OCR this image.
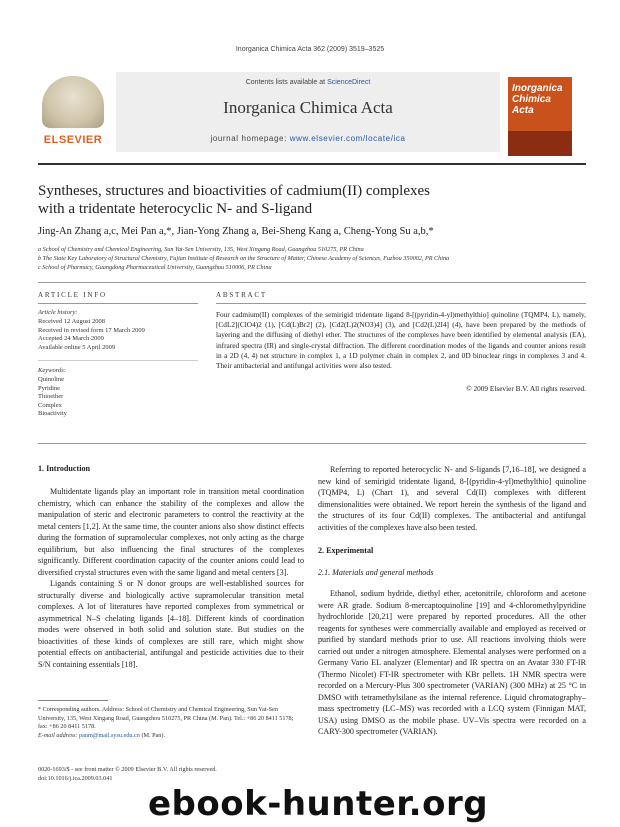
Inorganica Chimica Acta 362 (2009) 3519–3525
ELSEVIER
Contents lists available at ScienceDirect
Inorganica Chimica Acta
journal homepage: www.elsevier.com/locate/ica
Inorganica Chimica Acta
Syntheses, structures and bioactivities of cadmium(II) complexes
with a tridentate heterocyclic N- and S-ligand
Jing-An Zhang a,c, Mei Pan a,*, Jian-Yong Zhang a, Bei-Sheng Kang a, Cheng-Yong Su a,b,*
a School of Chemistry and Chemical Engineering, Sun Yat-Sen University, 135, West Xingang Road, Guangzhou 510275, PR China
b The State Key Laboratory of Structural Chemistry, Fujian Institute of Research on the Structure of Matter, Chinese Academy of Sciences, Fuzhou 350002, PR China
c School of Pharmacy, Guangdong Pharmaceutical University, Guangzhou 510006, PR China
ARTICLE INFO
Article history:
Received 12 August 2008
Received in revised form 17 March 2009
Accepted 24 March 2009
Available online 5 April 2009
Keywords:
Quinoline
Pyridine
Thioether
Complex
Bioactivity
ABSTRACT
Four cadmium(II) complexes of the semirigid tridentate ligand 8-[(pyridin-4-yl)methylthio] quinoline (TQMP4, L), namely, [CdL2](ClO4)2 (1), [Cd(L)Br2] (2), [Cd2(L)2(NO3)4] (3), and [Cd2(L)2I4] (4), have been prepared by the methods of layering and the diffusing of diethyl ether. The structures of the complexes have been identified by elemental analysis (EA), infrared spectra (IR) and single-crystal diffraction. The different coordination modes of the ligands and counter anions result in a 2D (4, 4) net structure in complex 1, a 1D polymer chain in complex 2, and 0D binuclear rings in complexes 3 and 4. Their antibacterial and antifungal activities were also tested.
© 2009 Elsevier B.V. All rights reserved.
1. Introduction

Multidentate ligands play an important role in transition metal coordination chemistry, which can enhance the stability of the complexes and allow the manipulation of steric and electronic parameters to control the reactivity at the metal centers [1,2]. At the same time, the counter anions also show distinct effects during the formation of supramolecular complexes, not only acting as the charge equilibrium, but also influencing the final structures of the complexes significantly. Different coordination capacity of the counter anions could lead to diversified crystal structures even with the same ligand and metal centers [3].

Ligands containing S or N donor groups are well-established sources for structurally diverse and biologically active supramolecular transition metal complexes. A lot of literatures have reported complexes from symmetrical or asymmetrical N–S chelating ligands [4–18]. Different kinds of coordination modes were observed in both solid and solution state. But studies on the bioactivities of these kinds of complexes are still rare, which might show potential effects on antibacterial, antifungal and pesticide activities due to their S/N containing essentials [18].

* Corresponding authors. Address: School of Chemistry and Chemical Engineering, Sun Yat-Sen University, 135, West Xingang Road, Guangzhou 510275, PR China (M. Pan). Tel.: +86 20 8411 5178; fax: +86 20 8411 5178.
E-mail address: panm@mail.sysu.edu.cn (M. Pan).
0020-1693/$ - see front matter © 2009 Elsevier B.V. All rights reserved.
doi:10.1016/j.ica.2009.03.041

Referring to reported heterocyclic N- and S-ligands [7,16–18], we designed a new kind of semirigid tridentate ligand, 8-[(pyridin-4-yl)methylthio] quinoline (TQMP4, L) (Chart 1), and several Cd(II) complexes with different dimensionalities were obtained. We report herein the synthesis of the ligand and the structures of its four Cd(II) complexes. The antibacterial and antifungal activities of the complexes have also been tested.

2. Experimental
2.1. Materials and general methods

Ethanol, sodium hydride, diethyl ether, acetonitrile, chloroform and acetone were AR grade. Sodium 8-mercaptoquinoline [19] and 4-chloromethylpyridine hydrochloride [20,21] were prepared by reported procedures. All the other reagents for syntheses were commercially available and employed as received or purified by standard methods prior to use. All reactions involving thiols were carried out under a nitrogen atmosphere. Elemental analyses were performed on a Germany Vario EL analyzer (Elementar) and IR spectra on an Avatar 330 FT-IR (Thermo Nicolet) FT-IR spectrometer with KBr pellets. 1H NMR spectra were recorded on a Mercury-Plus 300 spectrometer (VARIAN) (300 MHz) at 25 °C in DMSO with tetramethylsilane as the internal reference. Liquid chromatography–mass spectrometry (LC–MS) was recorded with a LCQ system (Finnigan MAT, USA) using DMSO as the mobile phase. UV–Vis spectra were recorded on a CARY-300 spectrometer (VARIAN).

ebook-hunter.org
